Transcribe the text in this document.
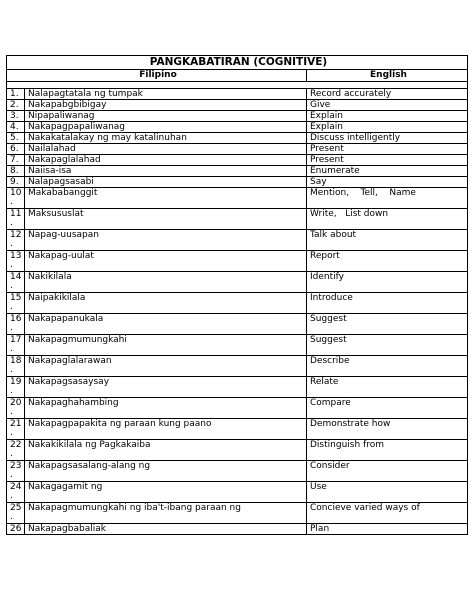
PANGKABATIRAN (COGNITIVE)		
Filipino		English

1.	Nalapagtatala ng tumpak	Record accurately
2.	Nakapabgbibigay	Give
3.	Nipapaliwanag	Explain
4.	Nakapagpapaliwanag	Explain
5.	Nakakatalakay ng may katalinuhan	Discuss intelligently
6.	Nailalahad	Present
7.	Nakapaglalahad	Present
8.	Naiisa-isa	Enumerate
9.	Nalapagsasabi	Say
10
.	Makababanggit	Mention,    Tell,    Name
11
.	Maksususlat	Write,   List down
12
.	Napag-uusapan	Talk about
13
.	Nakapag-uulat	Report
14
.	Nakikilala	Identify
15
.	Naipakikilala	Introduce
16
.	Nakapapanukala	Suggest
17
.	Nakapagmumungkahi	Suggest
18
.	Nakapaglalarawan	Describe
19
.	Nakapagsasaysay	Relate
20
.	Nakapaghahambing	Compare
21
.	Nakapagpapakita ng paraan kung paano	Demonstrate how
22
.	Nakakikilala ng Pagkakaiba	Distinguish from
23
.	Nakapagsasalang-alang ng	Consider
24
.	Nakagagamit ng	Use
25
.	Nakapagmumungkahi ng iba't-ibang paraan ng	Concieve varied ways of
26	Nakapagbabaliak	Plan
